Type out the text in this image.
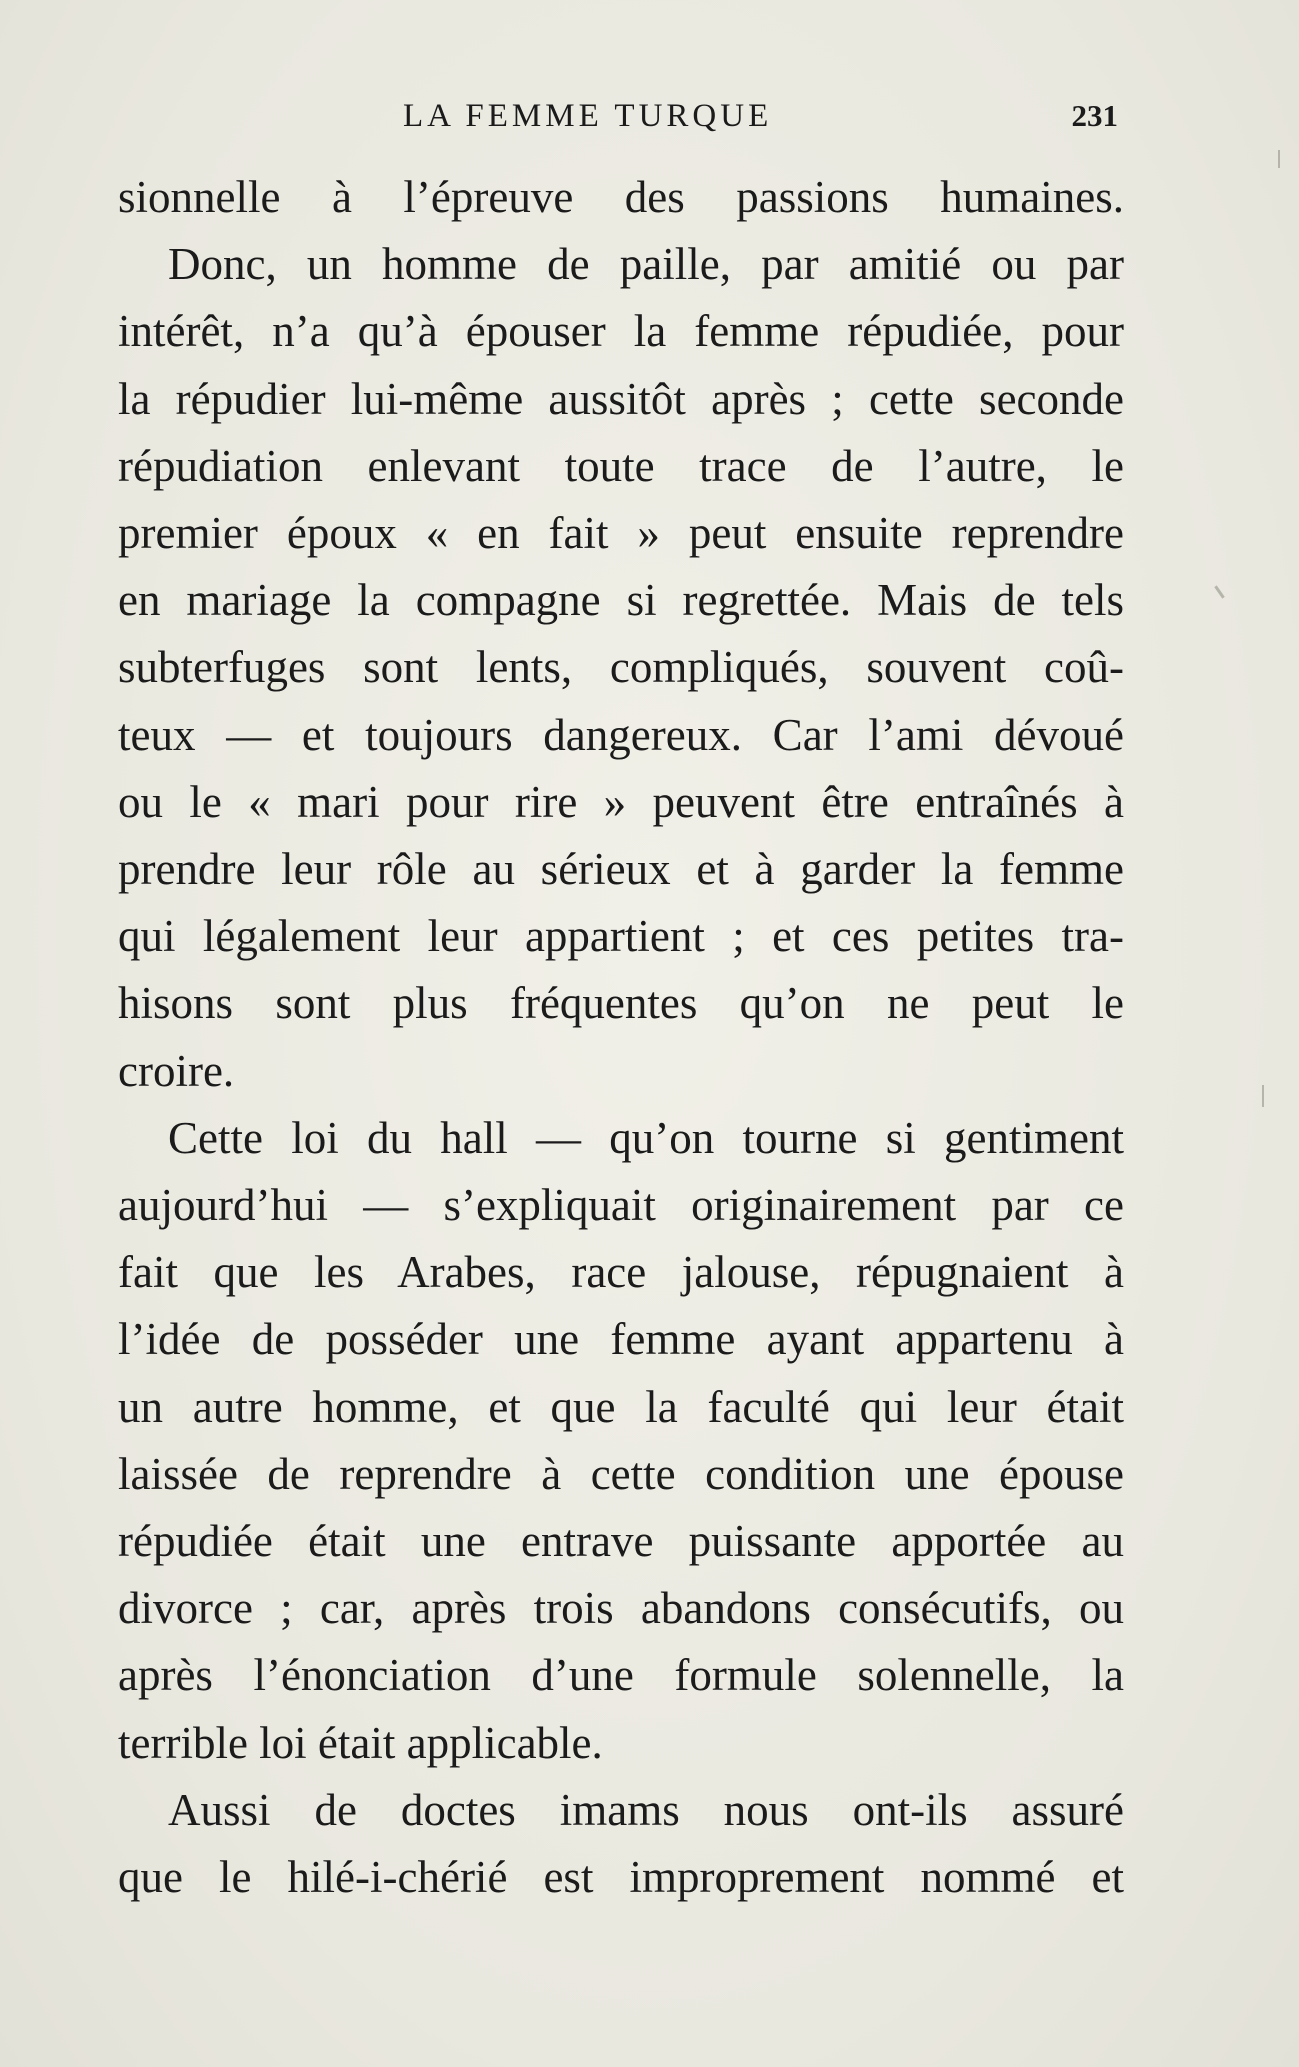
LA FEMME TURQUE	231
sionnelle à l’épreuve des passions humaines.
Donc, un homme de paille, par amitié ou par
intérêt, n’a qu’à épouser la femme répudiée, pour
la répudier lui-même aussitôt après ; cette seconde
répudiation enlevant toute trace de l’autre, le
premier époux « en fait » peut ensuite reprendre
en mariage la compagne si regrettée. Mais de tels
subterfuges sont lents, compliqués, souvent coû-
teux — et toujours dangereux. Car l’ami dévoué
ou le « mari pour rire » peuvent être entraînés à
prendre leur rôle au sérieux et à garder la femme
qui légalement leur appartient ; et ces petites tra-
hisons sont plus fréquentes qu’on ne peut le
croire.
Cette loi du hall — qu’on tourne si gentiment
aujourd’hui — s’expliquait originairement par ce
fait que les Arabes, race jalouse, répugnaient à
l’idée de posséder une femme ayant appartenu à
un autre homme, et que la faculté qui leur était
laissée de reprendre à cette condition une épouse
répudiée était une entrave puissante apportée au
divorce ; car, après trois abandons consécutifs, ou
après l’énonciation d’une formule solennelle, la
terrible loi était applicable.
Aussi de doctes imams nous ont-ils assuré
que le hilé-i-chérié est improprement nommé et
